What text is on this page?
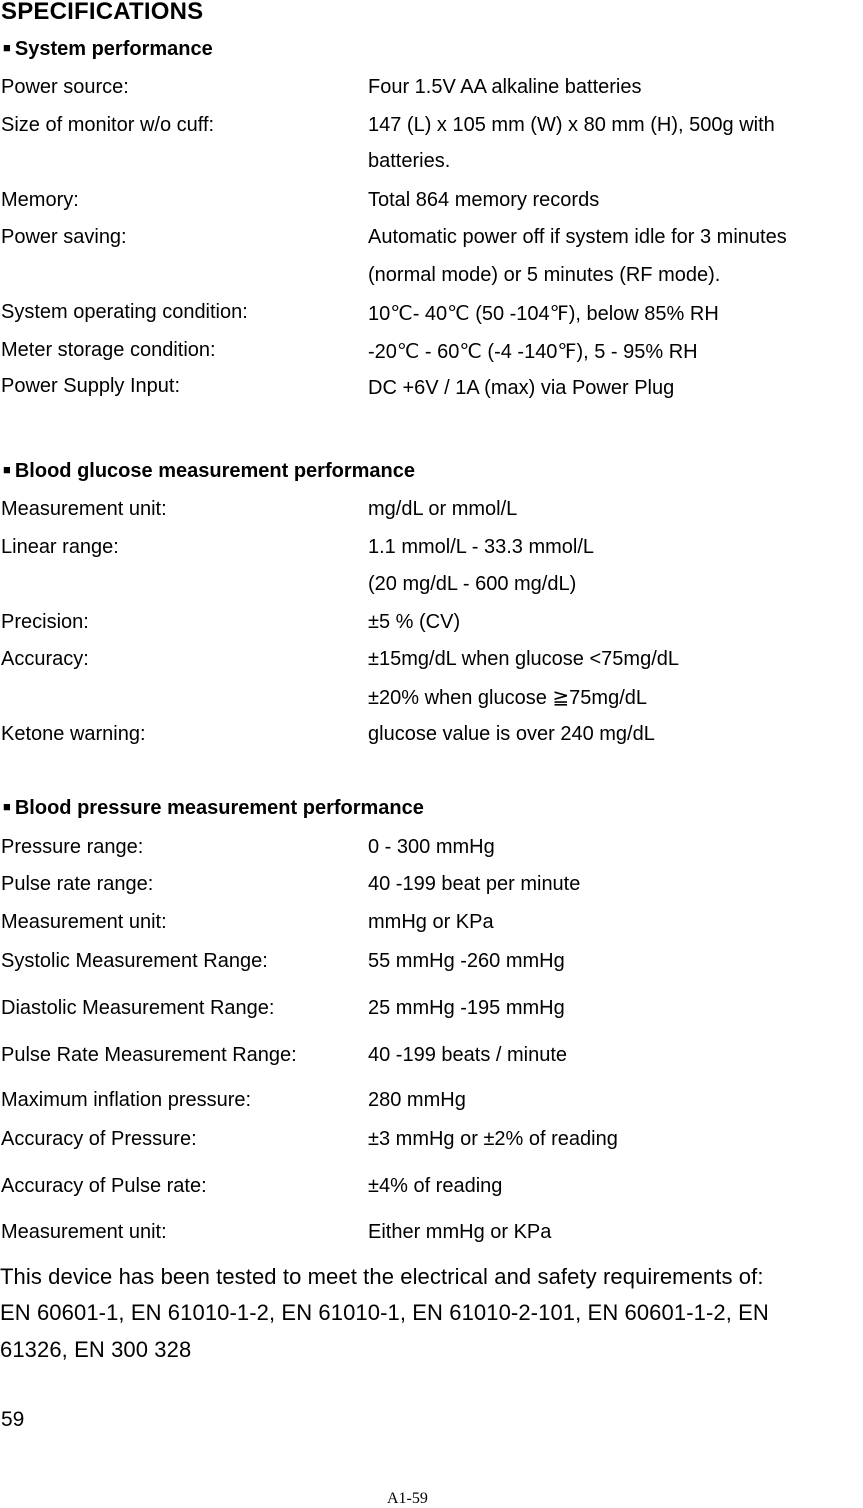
SPECIFICATIONS
■ System performance
Power source:	Four 1.5V AA alkaline batteries
Size of monitor w/o cuff:	147 (L) x 105 mm (W) x 80 mm (H), 500g with
batteries.
Memory:	Total 864 memory records
Power saving:	Automatic power off if system idle for 3 minutes
(normal mode) or 5 minutes (RF mode).
System operating condition:	10℃- 40℃ (50 -104℉), below 85% RH
Meter storage condition:	-20℃ - 60℃ (-4 -140℉), 5 - 95% RH
Power Supply Input:	DC +6V / 1A (max) via Power Plug
■ Blood glucose measurement performance
Measurement unit:	mg/dL or mmol/L
Linear range:	1.1 mmol/L - 33.3 mmol/L
(20 mg/dL - 600 mg/dL)
Precision:	±5 % (CV)
Accuracy:	±15mg/dL when glucose <75mg/dL
±20% when glucose ≧75mg/dL
Ketone warning:	glucose value is over 240 mg/dL
■ Blood pressure measurement performance
Pressure range:	0 - 300 mmHg
Pulse rate range:	40 -199 beat per minute
Measurement unit:	mmHg or KPa
Systolic Measurement Range:	55 mmHg -260 mmHg
Diastolic Measurement Range:	25 mmHg -195 mmHg
Pulse Rate Measurement Range:	40 -199 beats / minute
Maximum inflation pressure:	280 mmHg
Accuracy of Pressure:	±3 mmHg or ±2% of reading
Accuracy of Pulse rate:	±4% of reading
Measurement unit:	Either mmHg or KPa
This device has been tested to meet the electrical and safety requirements of:
EN 60601-1, EN 61010-1-2, EN 61010-1, EN 61010-2-101, EN 60601-1-2, EN
61326, EN 300 328
59
A1-59
